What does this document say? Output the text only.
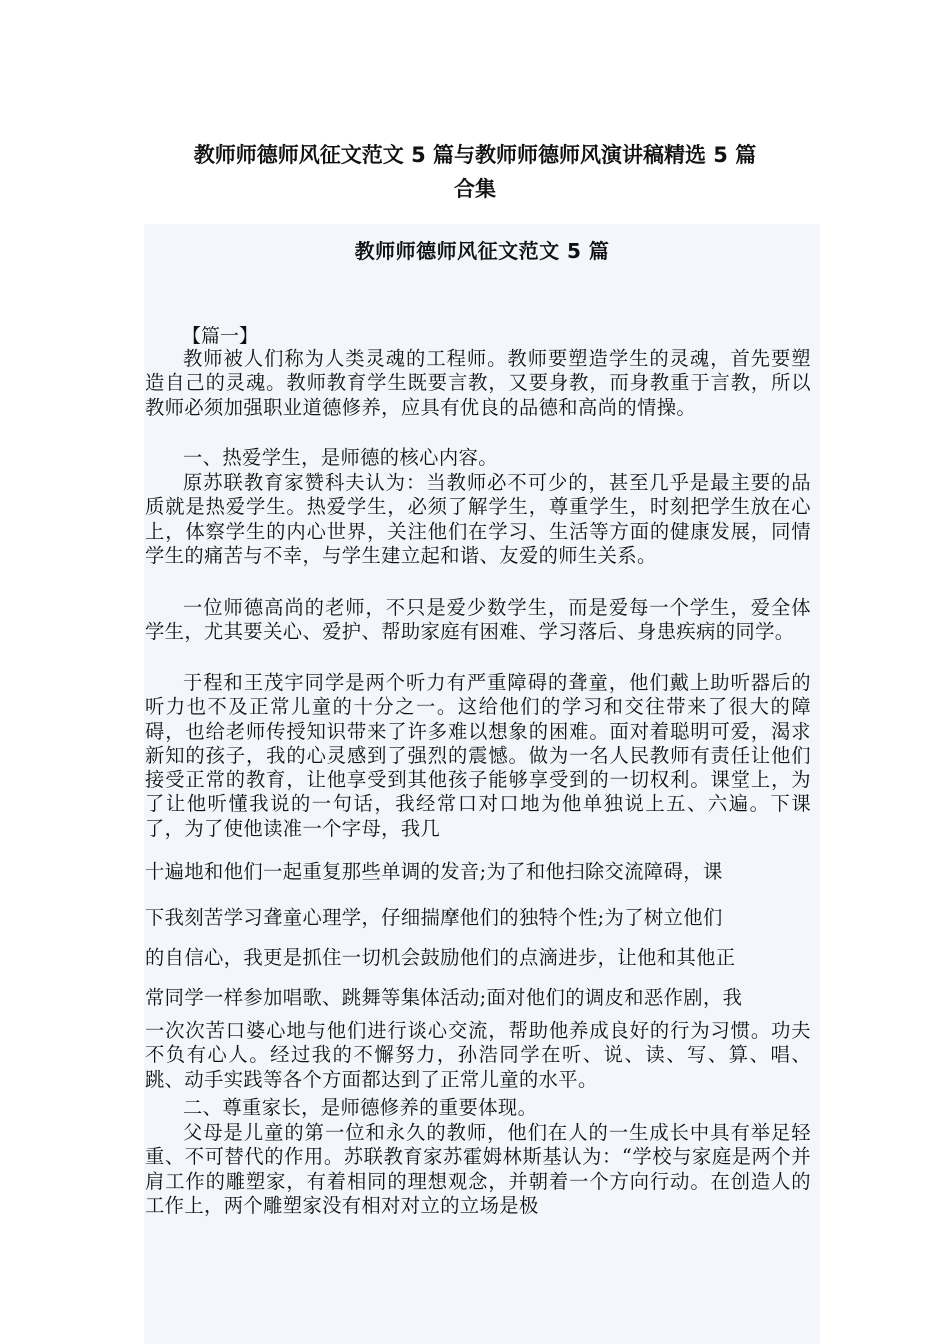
教师师德师风征文范文 5 篇与教师师德师风演讲稿精选 5 篇
合集
教师师德师风征文范文 5 篇

【篇一】

教师被人们称为人类灵魂的工程师。教师要塑造学生的灵魂，首先要塑造自己的灵魂。教师教育学生既要言教，又要身教，而身教重于言教，所以教师必须加强职业道德修养，应具有优良的品德和高尚的情操。

一、热爱学生，是师德的核心内容。

原苏联教育家赞科夫认为：当教师必不可少的，甚至几乎是最主要的品质就是热爱学生。热爱学生，必须了解学生，尊重学生，时刻把学生放在心上，体察学生的内心世界，关注他们在学习、生活等方面的健康发展，同情学生的痛苦与不幸，与学生建立起和谐、友爱的师生关系。

一位师德高尚的老师，不只是爱少数学生，而是爱每一个学生，爱全体学生，尤其要关心、爱护、帮助家庭有困难、学习落后、身患疾病的同学。

于程和王茂宇同学是两个听力有严重障碍的聋童，他们戴上助听器后的听力也不及正常儿童的十分之一。这给他们的学习和交往带来了很大的障碍，也给老师传授知识带来了许多难以想象的困难。面对着聪明可爱，渴求新知的孩子，我的心灵感到了强烈的震憾。做为一名人民教师有责任让他们接受正常的教育，让他享受到其他孩子能够享受到的一切权利。课堂上，为了让他听懂我说的一句话，我经常口对口地为他单独说上五、六遍。下课了，为了使他读准一个字母，我几

十遍地和他们一起重复那些单调的发音;为了和他扫除交流障碍，课

下我刻苦学习聋童心理学，仔细揣摩他们的独特个性;为了树立他们

的自信心，我更是抓住一切机会鼓励他们的点滴进步，让他和其他正

常同学一样参加唱歌、跳舞等集体活动;面对他们的调皮和恶作剧，我

一次次苦口婆心地与他们进行谈心交流，帮助他养成良好的行为习惯。功夫不负有心人。经过我的不懈努力，孙浩同学在听、说、读、写、算、唱、跳、动手实践等各个方面都达到了正常儿童的水平。

二、尊重家长，是师德修养的重要体现。

父母是儿童的第一位和永久的教师，他们在人的一生成长中具有举足轻重、不可替代的作用。苏联教育家苏霍姆林斯基认为：“学校与家庭是两个并肩工作的雕塑家，有着相同的理想观念，并朝着一个方向行动。在创造人的工作上，两个雕塑家没有相对对立的立场是极
